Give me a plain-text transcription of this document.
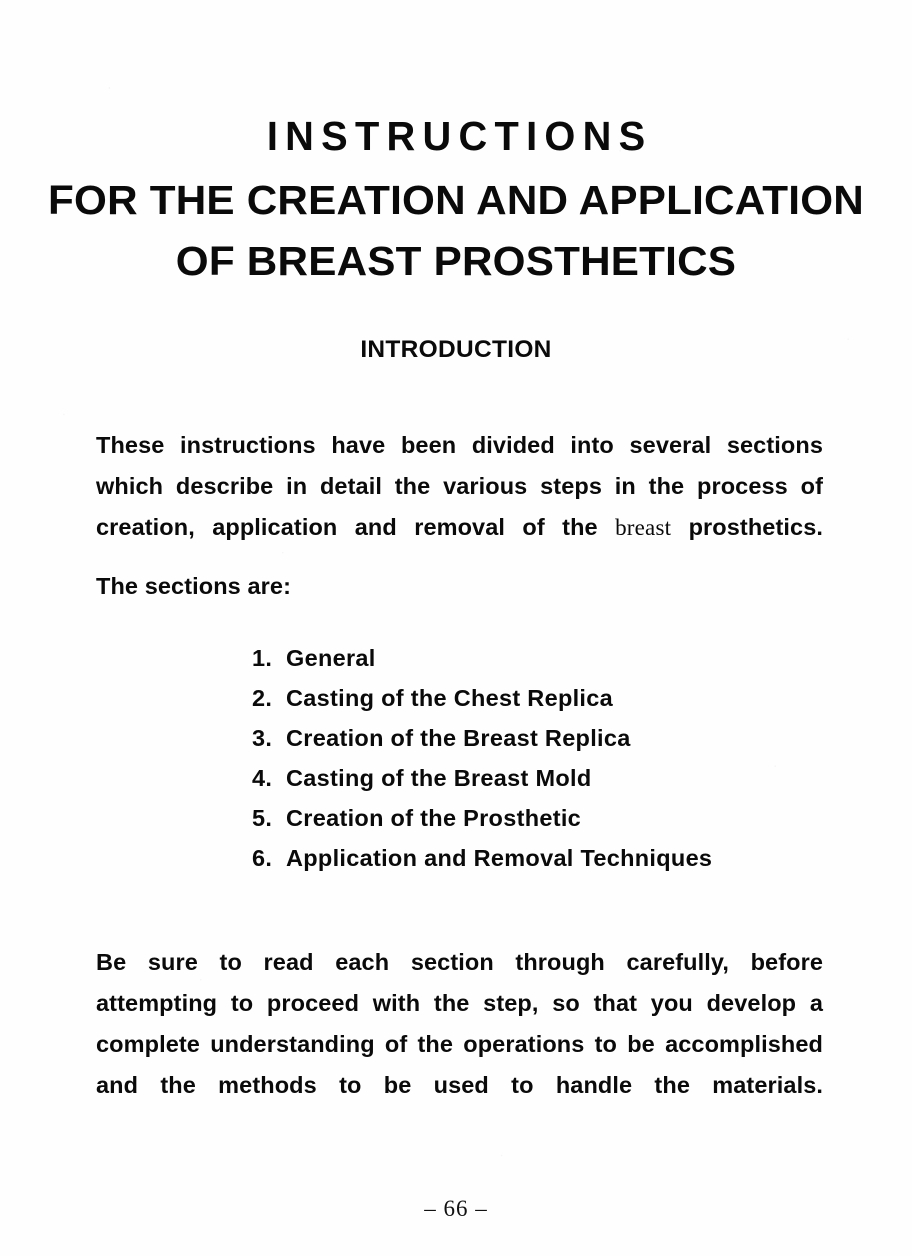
INSTRUCTIONS
FOR THE CREATION AND APPLICATION
OF BREAST PROSTHETICS
INTRODUCTION

These instructions have been divided into several sections which describe in detail the various steps in the process of creation, application and removal of the breast prosthetics.

The sections are:

1. General
2. Casting of the Chest Replica
3. Creation of the Breast Replica
4. Casting of the Breast Mold
5. Creation of the Prosthetic
6. Application and Removal Techniques

Be sure to read each section through carefully, before attempting to proceed with the step, so that you develop a complete understanding of the operations to be accomplished and the methods to be used to handle the materials.

– 66 –
